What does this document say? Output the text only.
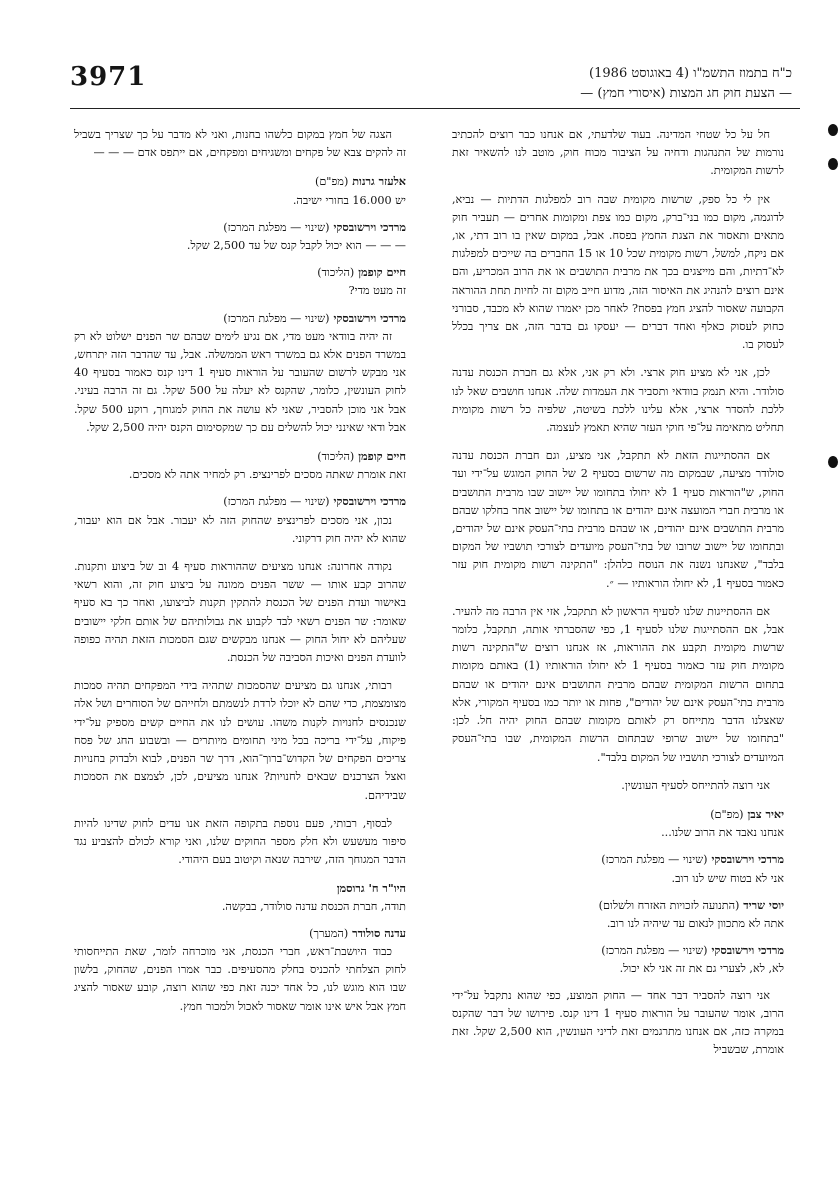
3971	כ"ח בתמוז התשמ"ו (4 באוגוסט 1986)
— הצעת חוק חג המצות (איסורי חמץ) —
חל על כל שטחי המדינה. בעוד שלדעתי, אם אנחנו כבר רוצים להכתיב נורמות של התנהגות ודחיה על הציבור מכוח חוק, מוטב לנו להשאיר זאת לרשות המקומית.
אין לי כל ספק, שרשות מקומית שבה רוב למפלגות הדתיות — נביא, לדוגמה, מקום כמו בני־ברק, מקום כמו צפת ומקומות אחרים — תעביר חוק מתאים ותאסור את הצגת החמץ בפסח. אבל, במקום שאין בו רוב דתי, או, אם ניקח, למשל, רשות מקומית שכל 10 או 15 החברים בה שייכים למפלגות לא־דתיות, והם מייצגים בכך את מרבית התושבים או את הרוב המכריע, והם אינם רוצים להנהיג את האיסור הזה, מדוע חייב מקום זה לחיות תחת ההוראה הקבועה שאסור להציג חמץ בפסח? לאחר מכן יאמרו שהוא לא מכבד, סבורני כחוק לעסוק כאלף ואחד דברים — יעסקו גם בדבר הזה, אם צריך בכלל לעסוק בו.
לכן, אני לא מציע חוק ארצי. ולא רק אני, אלא גם חברת הכנסת עדנה סולודר. והיא תנמק בוודאי ותסביר את העמדות שלה. אנחנו חושבים שאל לנו ללכת להסדר ארצי, אלא עלינו ללכת בשיטה, שלפיה כל רשות מקומית תחליט מתאימה על־פי חוקי העזר שהיא תאמץ לעצמה.
אם ההסתייגות הזאת לא תתקבל, אני מציע, וגם חברת הכנסת עדנה סולודר מציעה, שבמקום מה שרשום בסעיף 2 של החוק המוגש על־ידי ועד החוק, ש"הוראות סעיף 1 לא יחולו בתחומו של יישוב שבו מרבית התושבים או מרבית חברי המועצה אינם יהודים או בתחומו של יישוב אחר בחלקו שבהם מרבית התושבים אינם יהודים, או שבהם מרבית בתי־העסק אינם של יהודים, ובתחומו של יישוב שרובו של בתי־העסק מיועדים לצורכי תושביו של המקום בלבד", שאנחנו נשנה את הנוסח כלהלן: "התקינה רשות מקומית חוק עזר כאמור בסעיף 1, לא יחולו הוראותיו — ״.
אם ההסתייגות שלנו לסעיף הראשון לא תתקבל, אזי אין הרבה מה להעיר. אבל, אם ההסתייגות שלנו לסעיף 1, כפי שהסברתי אותה, תתקבל, כלומר שרשות מקומית תקבע את ההוראות, אז אנחנו רוצים ש"התקינה רשות מקומית חוק עזר כאמור בסעיף 1 לא יחולו הוראותיו (1) באותם מקומות בתחום הרשות המקומית שבהם מרבית התושבים אינם יהודים או שבהם מרבית בתי־העסק אינם של יהודים", פחות או יותר כמו בסעיף המקורי, אלא שאצלנו הדבר מתייחס רק לאותם מקומות שבהם החוק יהיה חל. לכן: "בתחומו של יישוב שרופי שבתחום הרשות המקומית, שבו בתי־העסק המיועדים לצורכי תושביו של המקום בלבד".
אני רוצה להתייחס לסעיף העונשין.
יאיר צבן (מפ"ם)
אנחנו נאבד את הרוב שלנו...
מרדכי וירשובסקי (שינוי — מפלגת המרכז)
אני לא בטוח שיש לנו רוב.
יוסי שריד (התנועה לזכויות האזרח ולשלום)
אתה לא מתכוון לנאום עד שיהיה לנו רוב.
מרדכי וירשובסקי (שינוי — מפלגת המרכז)
לא, לא, לצערי גם את זה אני לא יכול.
אני רוצה להסביר דבר אחד — החוק המוצע, כפי שהוא נתקבל על־ידי הרוב, אומר שהעובר על הוראות סעיף 1 דינו קנס. פירושו של דבר שהקנס במקרה כזה, אם אנחנו מתרגמים זאת לדיני העונשין, הוא 2,500 שקל. זאת אומרת, שבשביל
הצגה של חמץ במקום כלשהו בחנות, ואני לא מדבר על כך שצריך בשביל זה להקים צבא של פקחים ומשגיחים ומפקחים, אם ייתפס אדם — — —
אלעזר גרנות (מפ"ם)
יש 16.000 בחורי ישיבה.
מרדכי וירשובסקי (שינוי — מפלגת המרכז)
— — — הוא יכול לקבל קנס של עד 2,500 שקל.
חיים קופמן (הליכוד)
זה מעט מדי?
מרדכי וירשובסקי (שינוי — מפלגת המרכז)
זה יהיה בוודאי מעט מדי, אם נגיע לימים שבהם שר הפנים ישלוט לא רק במשרד הפנים אלא גם במשרד ראש הממשלה. אבל, עד שהדבר הזה יתרחש, אני מבקש לרשום שהעובר על הוראות סעיף 1 דינו קנס כאמור בסעיף 40 לחוק העונשין, כלומר, שהקנס לא יעלה על 500 שקל. גם זה הרבה בעיני. אבל אני מוכן להסביר, שאני לא עושה את החוק למגוחך, רוקע 500 שקל. אבל ודאי שאינני יכול להשלים עם כך שמקסימום הקנס יהיה 2,500 שקל.
חיים קופמן (הליכוד)
זאת אומרת שאתה מסכים לפרינציפ. רק למחיר אתה לא מסכים.
מרדכי וירשובסקי (שינוי — מפלגת המרכז)
נכון, אני מסכים לפרינציפ שהחוק הזה לא יעבור. אבל אם הוא יעבור, שהוא לא יהיה חוק דרקוני.
נקודה אחרונה: אנחנו מציעים שההוראות סעיף 4 וב של ביצוע ותקנות. שהרוב קבע אותו — ששר הפנים ממונה על ביצוע חוק זה, והוא רשאי באישור ועדת הפנים של הכנסת להתקין תקנות לביצועו, ואחר כך בא סעיף שאומר: שר הפנים רשאי לבד לקבוע את גבולותיהם של אותם חלקי יישובים שעליהם לא יחול החוק — אנחנו מבקשים שגם הסמכות הזאת תהיה כפופה לוועדת הפנים ואיכות הסביבה של הכנסת.
רבותי, אנחנו גם מציעים שהסמכות שתהיה בידי המפקחים תהיה סמכות מצומצמת, כדי שהם לא יוכלו לרדת לנשמתם ולחייהם של הסוחרים ושל אלה שנכנסים לחנויות לקנות משהו. עושים לנו את החיים קשים מספיק על־ידי פיקוח, על־ידי בריכה בכל מיני תחומים מיותרים — ובשבוע החג של פסח צריכים הפקחים של הקדוש־ברוך־הוא, דרך שר הפנים, לבוא ולבדוק בחנויות ואצל הצרכנים שבאים לחנויות? אנחנו מציעים, לכן, לצמצם את הסמכות שבידיהם.
לבסוף, רבותי, פעם נוספת בתקופה הזאת אנו עדים לחוק שדינו להיות סיפור מעשעש ולא חלק מספר החוקים שלנו, ואני קורא לכולם להצביע נגד הדבר המגוחך הזה, שירבה שנאה וקיטוב בעם היהודי.
היו"ר ח' גרוסמן
תודה, חברת הכנסת עדנה סולודר, בבקשה.
עדנה סולודר (המערך)
כבוד היושבת־ראש, חברי הכנסת, אני מוכרחה לומר, שאת התייחסותי לחוק הצלחתי להכניס בחלק מהסעיפים. כבר אמרו הפנים, שהחוק, בלשון שבו הוא מוגש לנו, כל אחד יכנה זאת כפי שהוא רוצה, קובע שאסור להציג חמץ אבל איש אינו אומר שאסור לאכול ולמכור חמץ.
